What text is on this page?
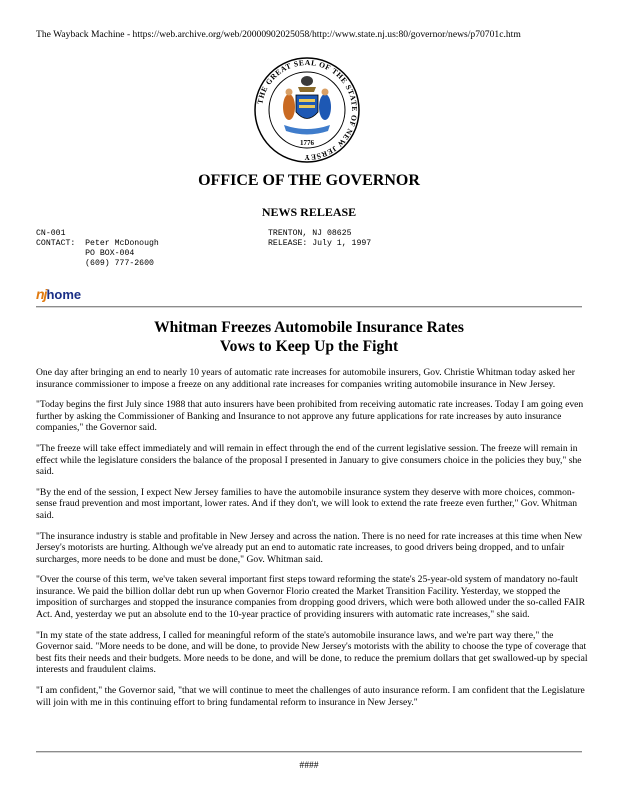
The Wayback Machine - https://web.archive.org/web/20000902025058/http://www.state.nj.us:80/governor/news/p70701c.htm
THE GREAT SEAL OF THE STATE OF NEW JERSEY
1776
OFFICE OF THE GOVERNOR
NEWS RELEASE
CN-001
CONTACT:  Peter McDonough
PO BOX-004
(609) 777-2600
TRENTON, NJ 08625
RELEASE: July 1, 1997
nj home
Whitman Freezes Automobile Insurance Rates
Vows to Keep Up the Fight

One day after bringing an end to nearly 10 years of automatic rate increases for automobile insurers, Gov. Christie Whitman today asked her insurance commissioner to impose a freeze on any additional rate increases for companies writing automobile insurance in New Jersey.

"Today begins the first July since 1988 that auto insurers have been prohibited from receiving automatic rate increases. Today I am going even further by asking the Commissioner of Banking and Insurance to not approve any future applications for rate increases by auto insurance companies," the Governor said.

"The freeze will take effect immediately and will remain in effect through the end of the current legislative session. The freeze will remain in effect while the legislature considers the balance of the proposal I presented in January to give consumers choice in the policies they buy," she said.

"By the end of the session, I expect New Jersey families to have the automobile insurance system they deserve with more choices, common-sense fraud prevention and most important, lower rates. And if they don't, we will look to extend the rate freeze even further," Gov. Whitman said.

"The insurance industry is stable and profitable in New Jersey and across the nation. There is no need for rate increases at this time when New Jersey's motorists are hurting. Although we've already put an end to automatic rate increases, to good drivers being dropped, and to unfair surcharges, more needs to be done and must be done," Gov. Whitman said.

"Over the course of this term, we've taken several important first steps toward reforming the state's 25-year-old system of mandatory no-fault insurance. We paid the billion dollar debt run up when Governor Florio created the Market Transition Facility. Yesterday, we stopped the imposition of surcharges and stopped the insurance companies from dropping good drivers, which were both allowed under the so-called FAIR Act. And, yesterday we put an absolute end to the 10-year practice of providing insurers with automatic rate increases," she said.

"In my state of the state address, I called for meaningful reform of the state's automobile insurance laws, and we're part way there," the Governor said. "More needs to be done, and will be done, to provide New Jersey's motorists with the ability to choose the type of coverage that best fits their needs and their budgets. More needs to be done, and will be done, to reduce the premium dollars that get swallowed-up by special interests and fraudulent claims.

"I am confident," the Governor said, "that we will continue to meet the challenges of auto insurance reform. I am confident that the Legislature will join with me in this continuing effort to bring fundamental reform to insurance in New Jersey."

####
